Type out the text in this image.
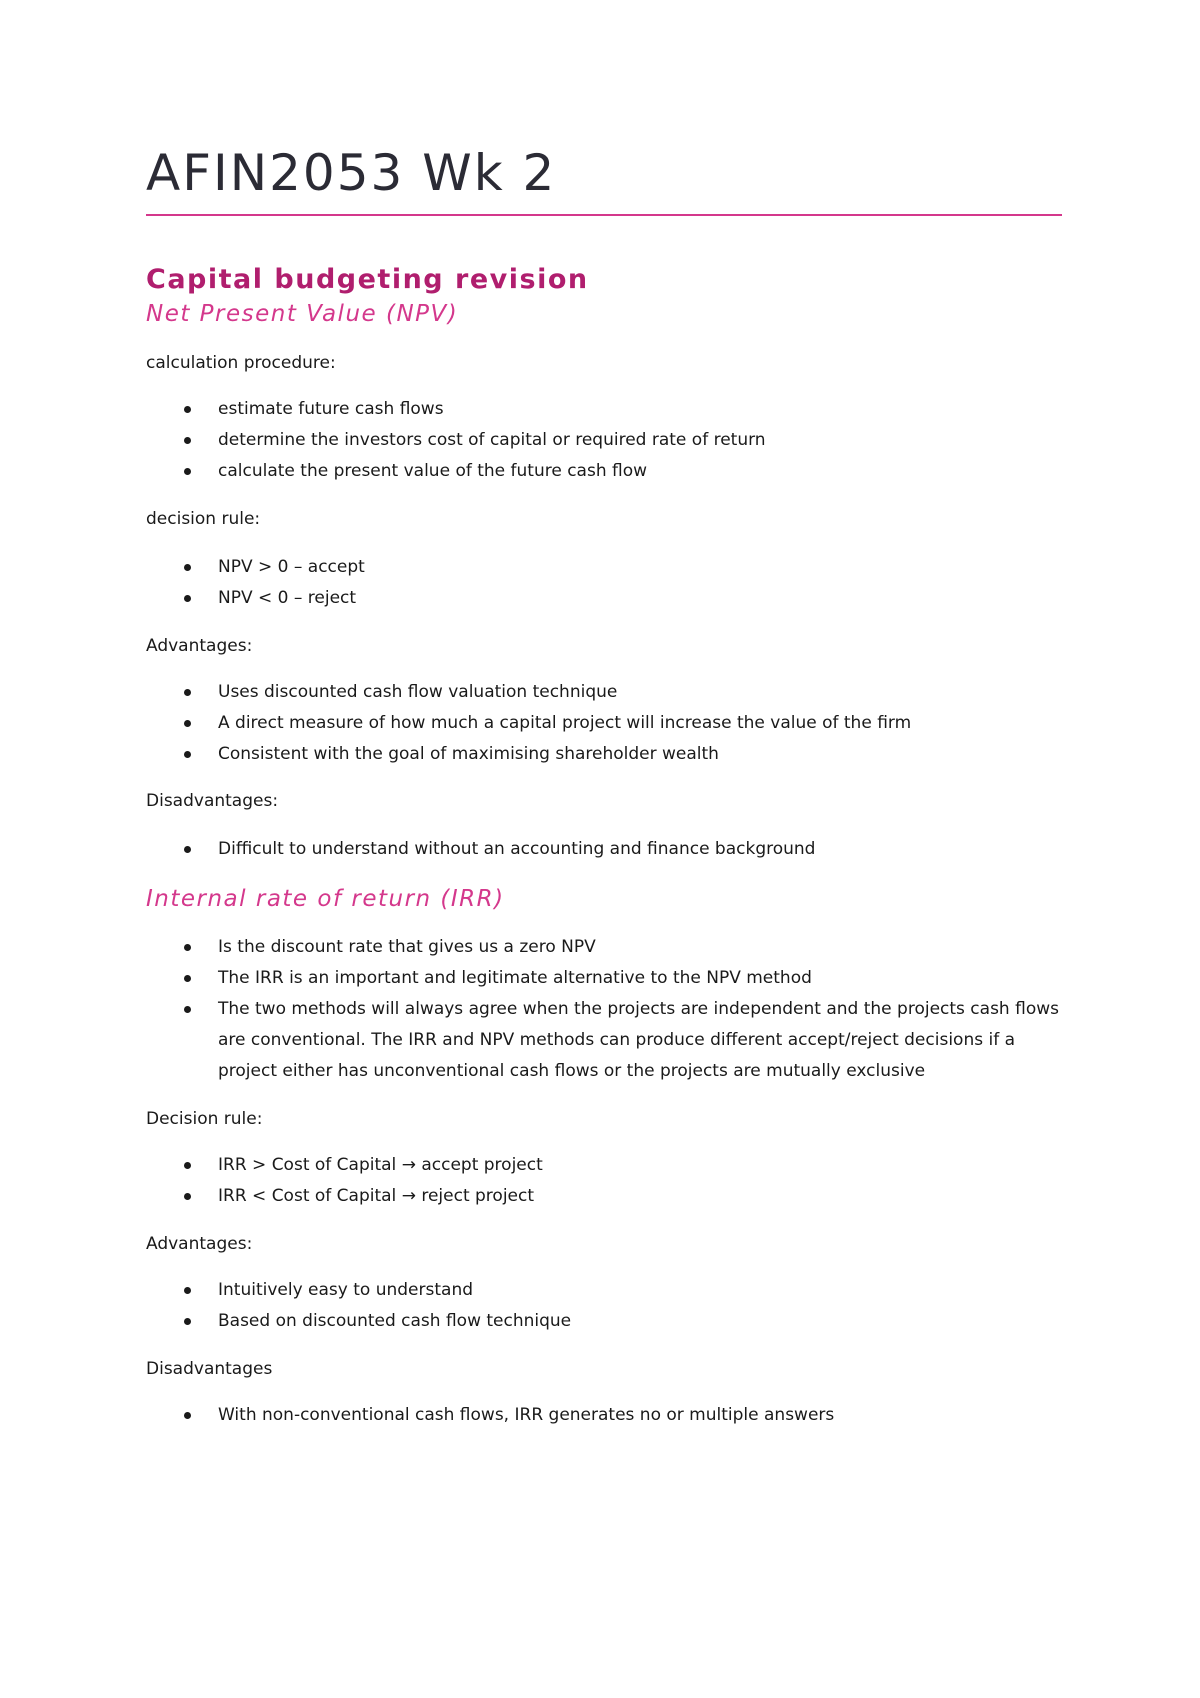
AFIN2053 Wk 2
Capital budgeting revision
Net Present Value (NPV)

calculation procedure:

estimate future cash flows
determine the investors cost of capital or required rate of return
calculate the present value of the future cash flow

decision rule:

NPV > 0 – accept
NPV < 0 – reject

Advantages:

Uses discounted cash flow valuation technique
A direct measure of how much a capital project will increase the value of the firm
Consistent with the goal of maximising shareholder wealth

Disadvantages:

Difficult to understand without an accounting and finance background
Internal rate of return (IRR)
Is the discount rate that gives us a zero NPV
The IRR is an important and legitimate alternative to the NPV method
The two methods will always agree when the projects are independent and the projects cash flows are conventional. The IRR and NPV methods can produce different accept/reject decisions if a project either has unconventional cash flows or the projects are mutually exclusive

Decision rule:

IRR > Cost of Capital → accept project
IRR < Cost of Capital → reject project

Advantages:

Intuitively easy to understand
Based on discounted cash flow technique

Disadvantages

With non-conventional cash flows, IRR generates no or multiple answers
